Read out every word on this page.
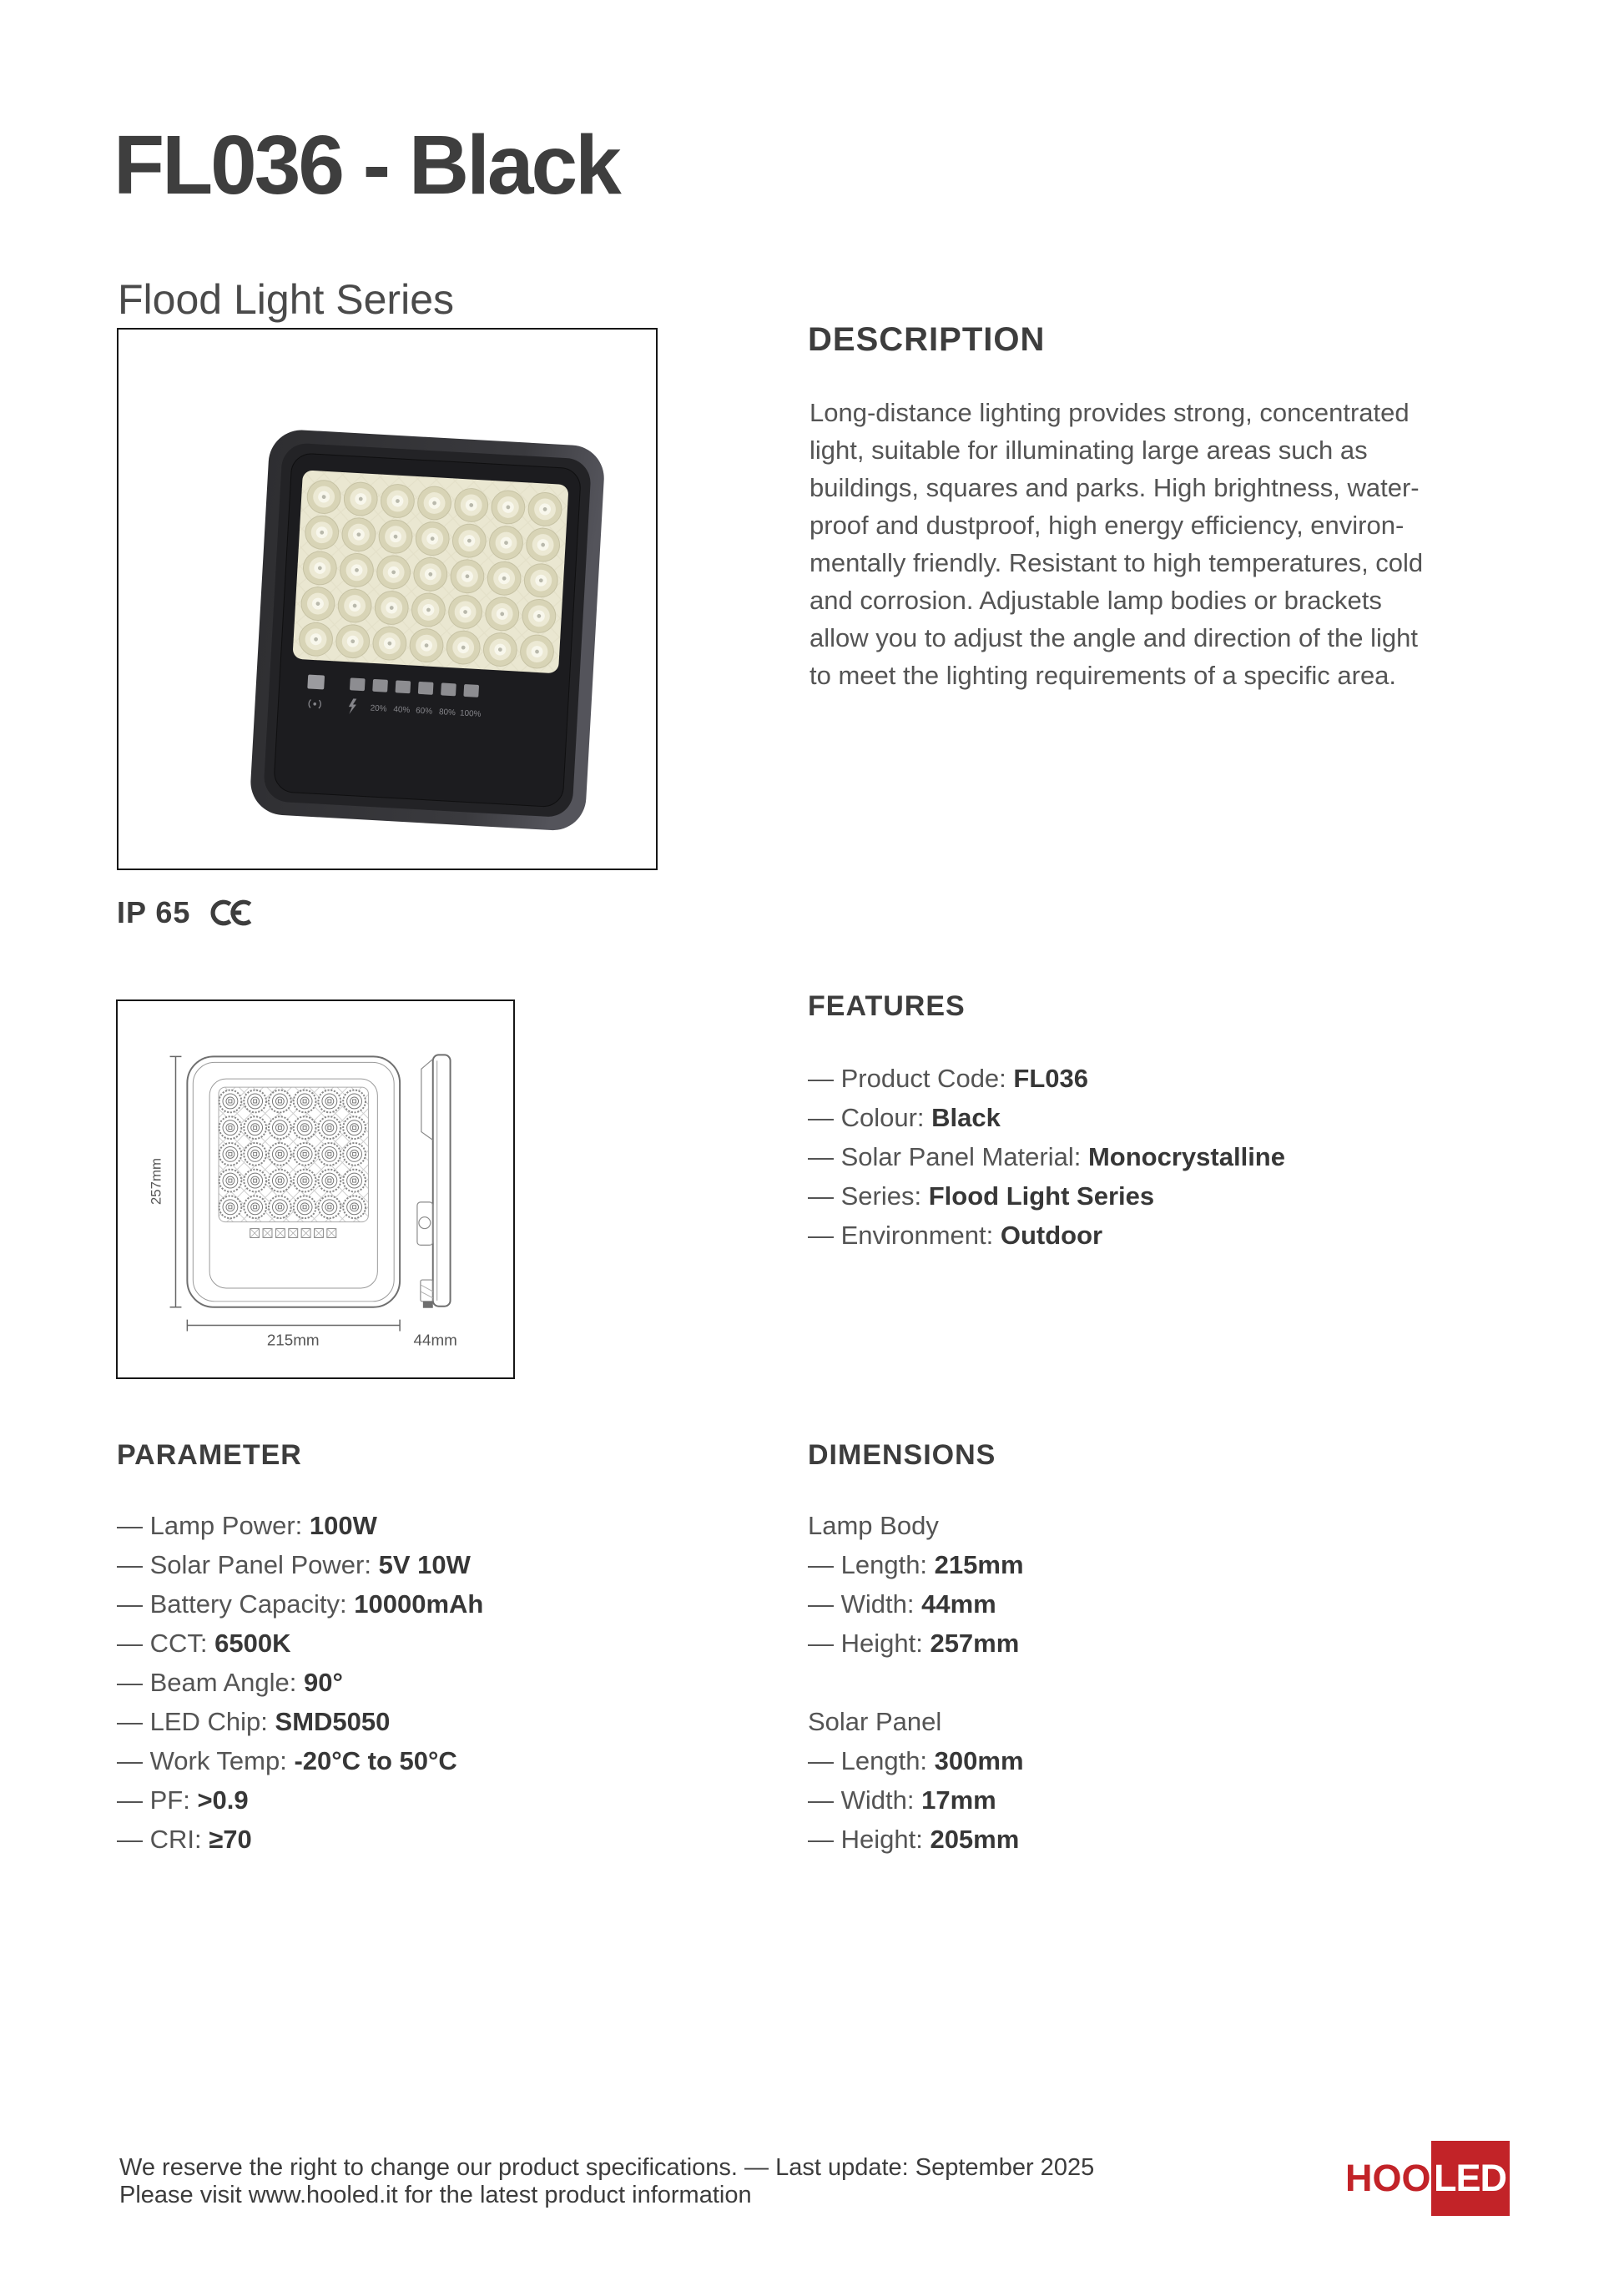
FL036 - Black
Flood Light Series
20% 40% 60% 80% 100%
IP 65
257mm
215mm	44mm
DESCRIPTION
Long-distance lighting provides strong, concentrated
light, suitable for illuminating large areas such as
buildings, squares and parks. High brightness, water-
proof and dustproof, high energy efficiency, environ-
mentally friendly. Resistant to high temperatures, cold
and corrosion. Adjustable lamp bodies or brackets
allow you to adjust the angle and direction of the light
to meet the lighting requirements of a specific area.
FEATURES
— Product Code: FL036
— Colour: Black
— Solar Panel Material: Monocrystalline
— Series: Flood Light Series
— Environment: Outdoor
PARAMETER
— Lamp Power: 100W
— Solar Panel Power: 5V 10W
— Battery Capacity: 10000mAh
— CCT: 6500K
— Beam Angle: 90°
— LED Chip: SMD5050
— Work Temp: -20°C to 50°C
— PF: >0.9
— CRI: ≥70
DIMENSIONS
Lamp Body
— Length: 215mm
— Width: 44mm
— Height: 257mm
Solar Panel
— Length: 300mm
— Width: 17mm
— Height: 205mm
We reserve the right to change our product specifications. — Last update: September 2025
Please visit www.hooled.it for the latest product information	HOO LED
